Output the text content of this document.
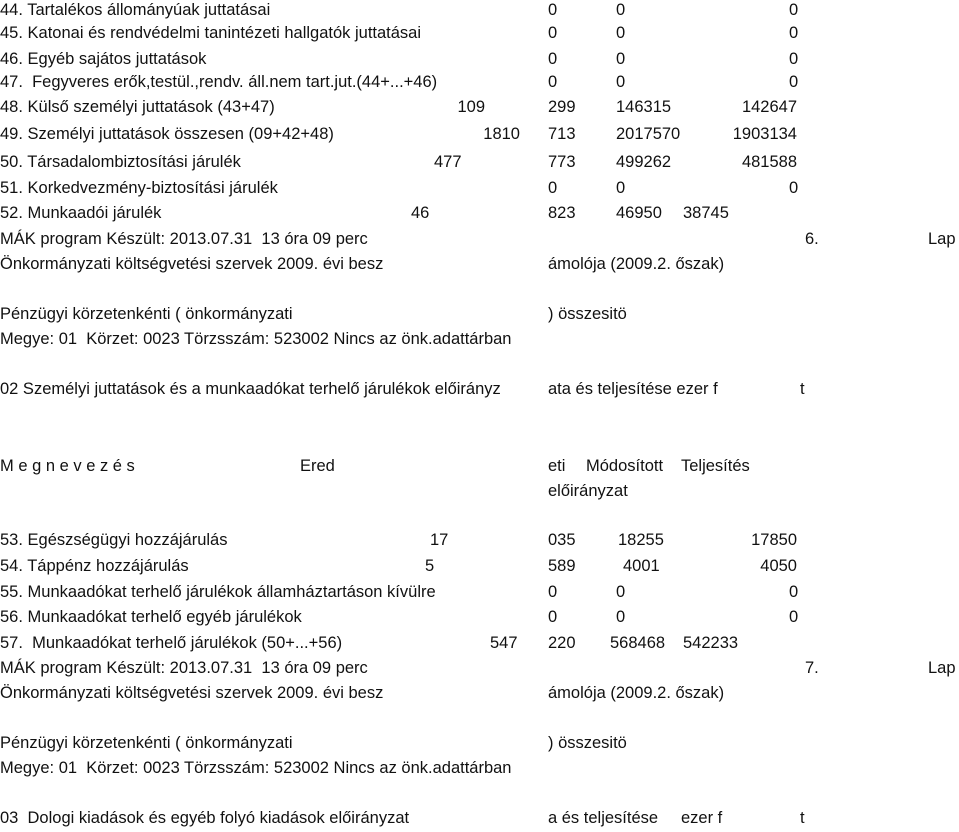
44. Tartalékos állományúak juttatásai	0	0	0
45. Katonai és rendvédelmi tanintézeti hallgatók juttatásai	0	0	0
46. Egyéb sajátos juttatások	0	0	0
47.  Fegyveres erők,testül.,rendv. áll.nem tart.jut.(44+...+46)	0	0	0
48. Külső személyi juttatások (43+47)	109	299 146315	142647
49. Személyi juttatások összesen (09+42+48)	1810 713 2017570	1903134
50. Társadalombiztosítási járulék	477	773 499262	481588
51. Korkedvezmény-biztosítási járulék	0	0	0
52. Munkaadói járulék	46	823 46950 38745
MÁK program Készült: 2013.07.31  13 óra 09 perc	6.	Lap
Önkormányzati költségvetési szervek 2009. évi besz	ámolója (2009.2. őszak)
Pénzügyi körzetenkénti ( önkormányzati	) összesitö
Megye: 01  Körzet: 0023 Törzsszám: 523002 Nincs az önk.adattárban
02 Személyi juttatások és a munkaadókat terhelő járulékok előirányz	ata és teljesítése ezer f	t
M e g n e v e z é s	Ered	eti Módosított Teljesítés
előirányzat
53. Egészségügyi hozzájárulás	17	035	18255	17850
54. Táppénz hozzájárulás	5	589	4001	4050
55. Munkaadókat terhelő járulékok államháztartáson kívülre	0	0	0
56. Munkaadókat terhelő egyéb járulékok	0	0	0
57.  Munkaadókat terhelő járulékok (50+...+56)	547 220 568468 542233
MÁK program Készült: 2013.07.31  13 óra 09 perc	7.	Lap
Önkormányzati költségvetési szervek 2009. évi besz	ámolója (2009.2. őszak)
Pénzügyi körzetenkénti ( önkormányzati	) összesitö
Megye: 01  Körzet: 0023 Törzsszám: 523002 Nincs az önk.adattárban
03  Dologi kiadások és egyéb folyó kiadások előirányzat	a és teljesítése ezer f	t
